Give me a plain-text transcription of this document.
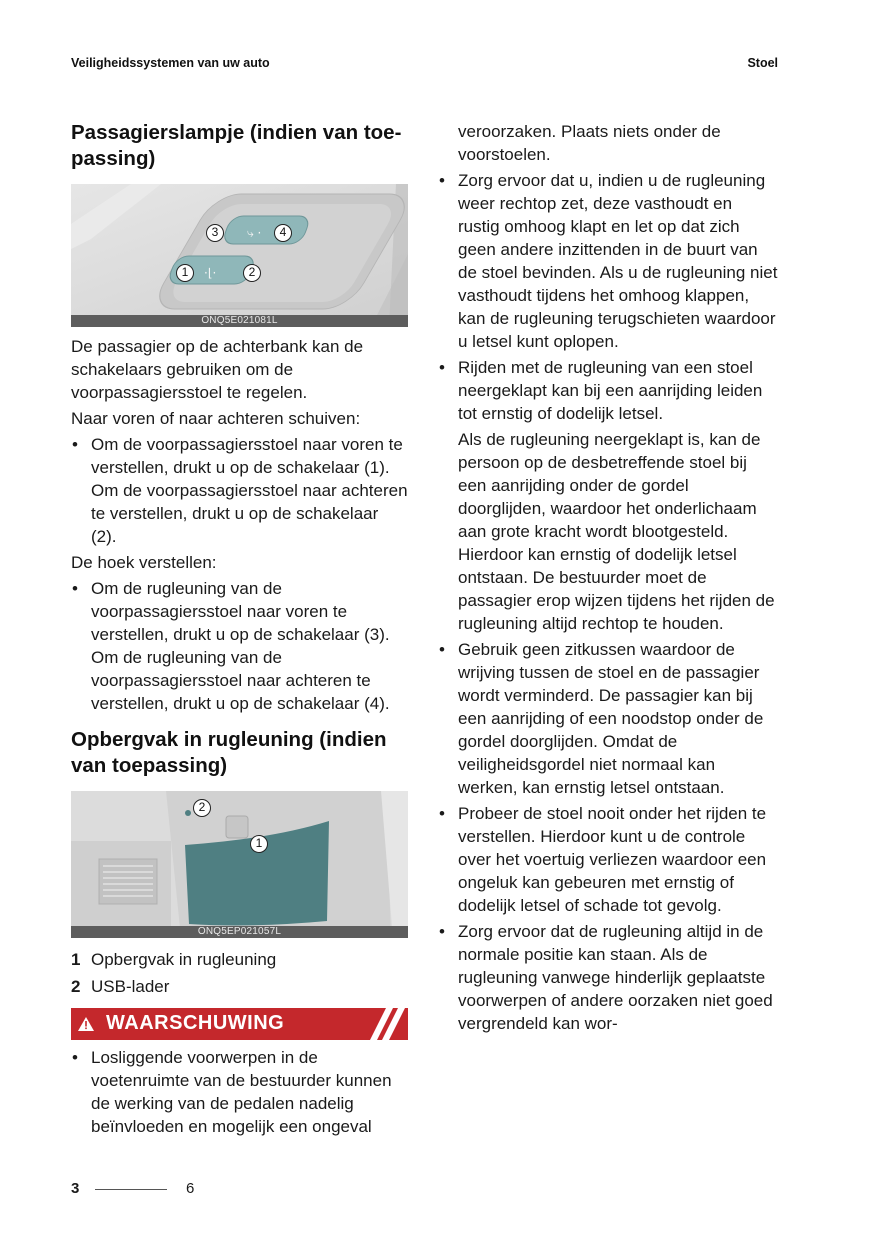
Veiligheidssystemen van uw auto	Stoel
Passagierslampje (indien van toe-
passing)
⤷ ·
·⌊·
3	4
1	2
ONQ5E021081L
De passagier op de achterbank kan de schakelaars gebruiken om de voorpassagiersstoel te regelen.
Naar voren of naar achteren schuiven:
• Om de voorpassagiersstoel naar voren te verstellen, drukt u op de schakelaar (1). Om de voorpassagiersstoel naar achteren te verstellen, drukt u op de schakelaar (2).
De hoek verstellen:
• Om de rugleuning van de voorpassagiersstoel naar voren te verstellen, drukt u op de schakelaar (3). Om de rugleuning van de voorpassagiersstoel naar achteren te verstellen, drukt u op de schakelaar (4).
Opbergvak in rugleuning (indien van toepassing)
2
1
ONQ5EP021057L
1 Opbergvak in rugleuning
2 USB-lader
WAARSCHUWING
• Losliggende voorwerpen in de voetenruimte van de bestuurder kunnen de werking van de pedalen nadelig beïnvloeden en mogelijk een ongeval
veroorzaken. Plaats niets onder de voorstoelen.
• Zorg ervoor dat u, indien u de rugleuning weer rechtop zet, deze vasthoudt en rustig omhoog klapt en let op dat zich geen andere inzittenden in de buurt van de stoel bevinden. Als u de rugleuning niet vasthoudt tijdens het omhoog klappen, kan de rugleuning terugschieten waardoor u letsel kunt oplopen.
• Rijden met de rugleuning van een stoel neergeklapt kan bij een aanrijding leiden tot ernstig of dodelijk letsel.
Als de rugleuning neergeklapt is, kan de persoon op de desbetreffende stoel bij een aanrijding onder de gordel doorglijden, waardoor het onderlichaam aan grote kracht wordt blootgesteld. Hierdoor kan ernstig of dodelijk letsel ontstaan. De bestuurder moet de passagier erop wijzen tijdens het rijden de rugleuning altijd rechtop te houden.
• Gebruik geen zitkussen waardoor de wrijving tussen de stoel en de passagier wordt verminderd. De passagier kan bij een aanrijding of een noodstop onder de gordel doorglijden. Omdat de veiligheidsgordel niet normaal kan werken, kan ernstig letsel ontstaan.
• Probeer de stoel nooit onder het rijden te verstellen. Hierdoor kunt u de controle over het voertuig verliezen waardoor een ongeluk kan gebeuren met ernstig of dodelijk letsel of schade tot gevolg.
• Zorg ervoor dat de rugleuning altijd in de normale positie kan staan. Als de rugleuning vanwege hinderlijk geplaatste voorwerpen of andere oorzaken niet goed vergrendeld kan wor-
3	6
